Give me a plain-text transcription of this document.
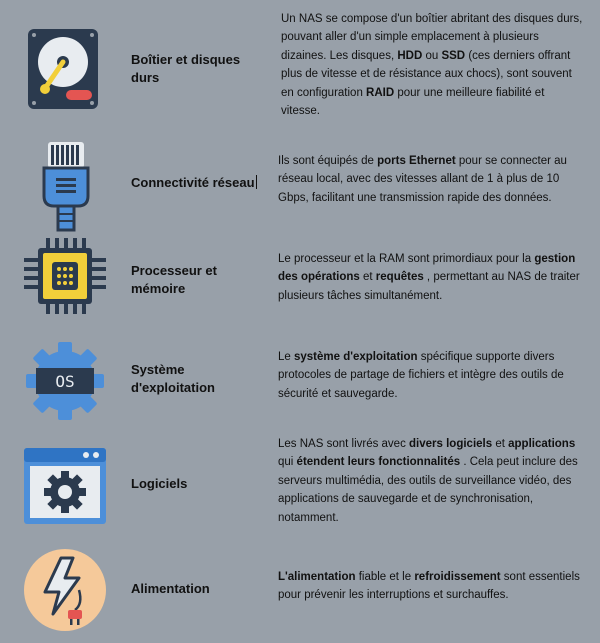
Boîtier et disques durs
Un NAS se compose d'un boîtier abritant des disques durs, pouvant aller d'un simple emplacement à plusieurs dizaines. Les disques, HDD ou SSD (ces derniers offrant plus de vitesse et de résistance aux chocs), sont souvent en configuration RAID pour une meilleure fiabilité et vitesse.
Connectivité réseau
Ils sont équipés de ports Ethernet pour se connecter au réseau local, avec des vitesses allant de 1 à plus de 10 Gbps, facilitant une transmission rapide des données.
Processeur et mémoire
Le processeur et la RAM sont primordiaux pour la gestion des opérations et requêtes , permettant au NAS de traiter plusieurs tâches simultanément.
OS
Système d'exploitation
Le système d'exploitation spécifique supporte divers protocoles de partage de fichiers et intègre des outils de sécurité et sauvegarde.
Logiciels
Les NAS sont livrés avec divers logiciels et applications qui étendent leurs fonctionnalités . Cela peut inclure des serveurs multimédia, des outils de surveillance vidéo, des applications de sauvegarde et de synchronisation, notamment.
Alimentation
L'alimentation fiable et le refroidissement sont essentiels pour prévenir les interruptions et surchauffes.
